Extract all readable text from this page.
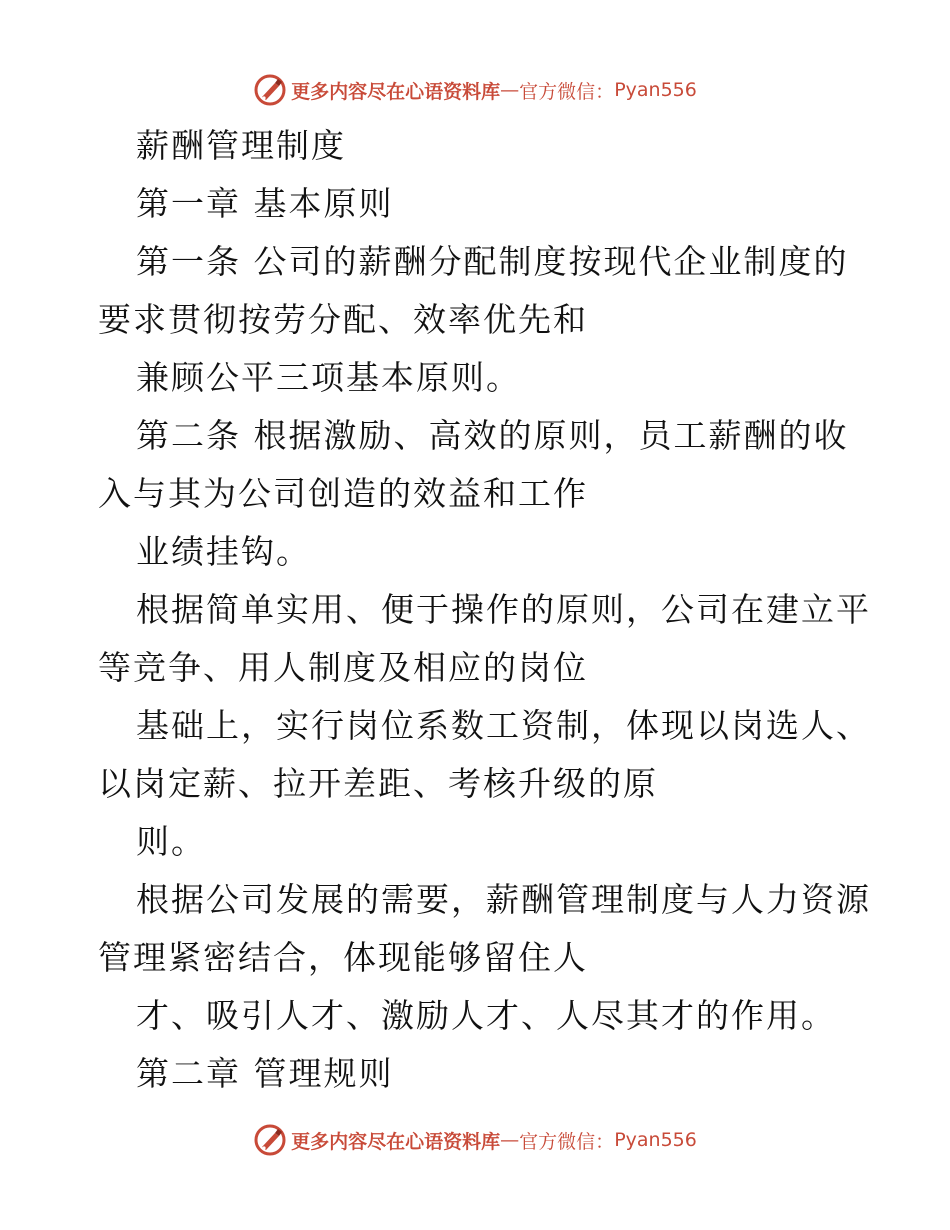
更多内容尽在心语资料库 — 官方微信： Pyan556
薪酬管理制度
第一章 基本原则
第一条 公司的薪酬分配制度按现代企业制度的
要求贯彻按劳分配、效率优先和
兼顾公平三项基本原则。
第二条 根据激励、高效的原则，员工薪酬的收
入与其为公司创造的效益和工作
业绩挂钩。
根据简单实用、便于操作的原则，公司在建立平
等竞争、用人制度及相应的岗位
基础上，实行岗位系数工资制，体现以岗选人、
以岗定薪、拉开差距、考核升级的原
则。
根据公司发展的需要，薪酬管理制度与人力资源
管理紧密结合，体现能够留住人
才、吸引人才、激励人才、人尽其才的作用。
第二章 管理规则
更多内容尽在心语资料库 — 官方微信： Pyan556
